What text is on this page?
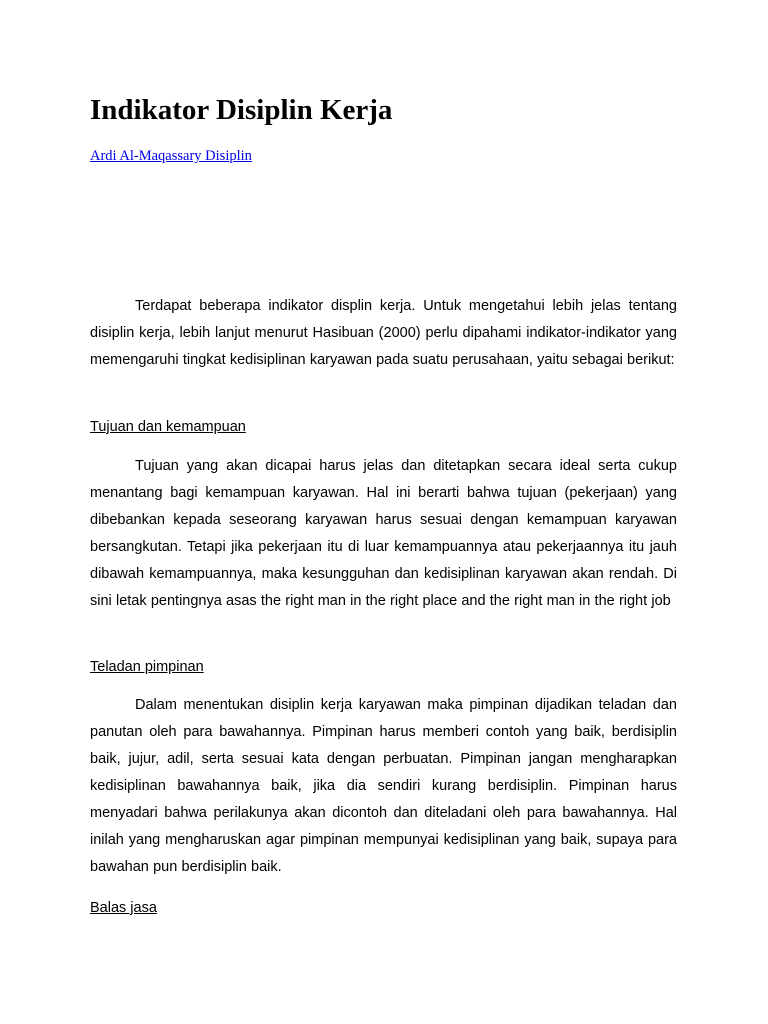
Indikator Disiplin Kerja
Ardi Al-Maqassary Disiplin

Terdapat beberapa indikator displin kerja. Untuk mengetahui lebih jelas tentang disiplin kerja, lebih lanjut menurut Hasibuan (2000) perlu dipahami indikator-indikator yang memengaruhi tingkat kedisiplinan karyawan pada suatu perusahaan, yaitu sebagai berikut:

Tujuan dan kemampuan

Tujuan yang akan dicapai harus jelas dan ditetapkan secara ideal serta cukup menantang bagi kemampuan karyawan. Hal ini berarti bahwa tujuan (pekerjaan) yang dibebankan kepada seseorang karyawan harus sesuai dengan kemampuan karyawan bersangkutan. Tetapi jika pekerjaan itu di luar kemampuannya atau pekerjaannya itu jauh dibawah kemampuannya, maka kesungguhan dan kedisiplinan karyawan akan rendah. Di sini letak pentingnya asas the right man in the right place and the right man in the right job

Teladan pimpinan

Dalam menentukan disiplin kerja karyawan maka pimpinan dijadikan teladan dan panutan oleh para bawahannya. Pimpinan harus memberi contoh yang baik, berdisiplin baik, jujur, adil, serta sesuai kata dengan perbuatan. Pimpinan jangan mengharapkan kedisiplinan bawahannya baik, jika dia sendiri kurang berdisiplin. Pimpinan harus menyadari bahwa perilakunya akan dicontoh dan diteladani oleh para bawahannya. Hal inilah yang mengharuskan agar pimpinan mempunyai kedisiplinan yang baik, supaya para bawahan pun berdisiplin baik.

Balas jasa
